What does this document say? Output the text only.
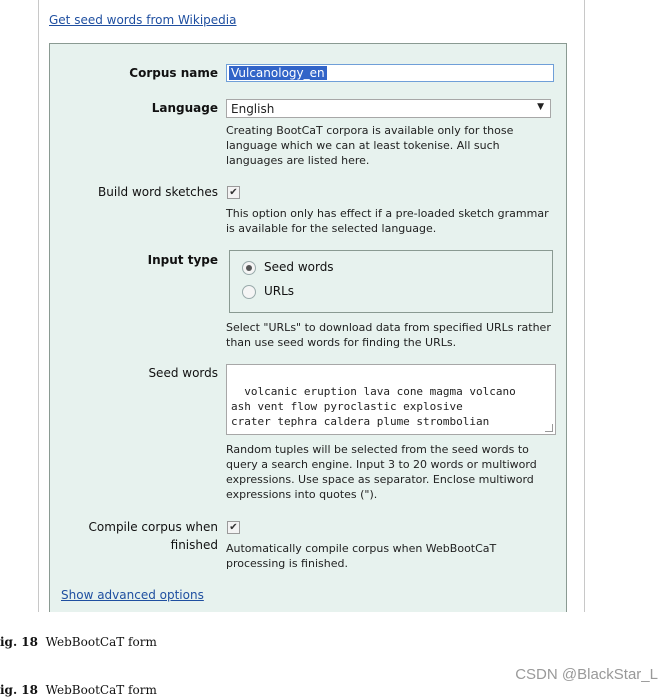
Get seed words from Wikipedia
Corpus name	Vulcanology_en
Language	English	▼
Creating BootCaT corpora is available only for those language which we can at least tokenise. All such languages are listed here.
Build word sketches ✔
This option only has effect if a pre-loaded sketch grammar is available for the selected language.
Input type	Seed words
URLs
Select "URLs" to download data from specified URLs rather than use seed words for finding the URLs.
Seed words

volcanic eruption lava cone magma volcano
ash vent flow pyroclastic explosive
crater tephra caldera plume strombolian

Random tuples will be selected from the seed words to query a search engine. Input 3 to 20 words or multiword expressions. Use space as separator. Enclose multiword expressions into quotes (").
Compile corpus when
finished
✔
Automatically compile corpus when WebBootCaT processing is finished.
Show advanced options
ig. 18 WebBootCaT form
ig. 18 WebBootCaT form
CSDN @BlackStar_L
